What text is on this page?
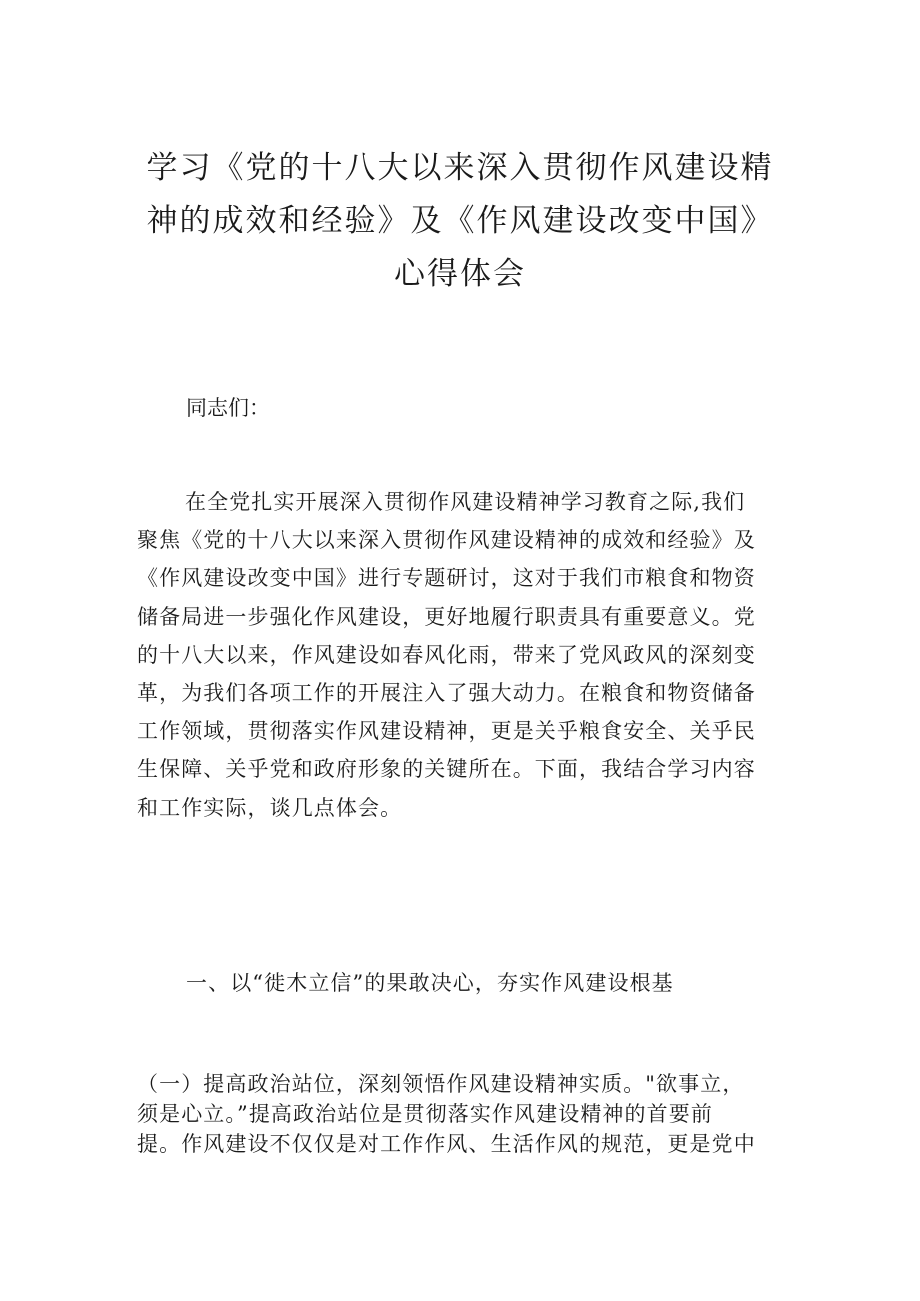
学习《党的十八大以来深入贯彻作风建设精
神的成效和经验》及《作风建设改变中国》
心得体会

同志们：

在全党扎实开展深入贯彻作风建设精神学习教育之际,我们
聚焦《党的十八大以来深入贯彻作风建设精神的成效和经验》及
《作风建设改变中国》进行专题研讨，这对于我们市粮食和物资
储备局进一步强化作风建设，更好地履行职责具有重要意义。党
的十八大以来，作风建设如春风化雨，带来了党风政风的深刻变
革，为我们各项工作的开展注入了强大动力。在粮食和物资储备
工作领域，贯彻落实作风建设精神，更是关乎粮食安全、关乎民
生保障、关乎党和政府形象的关键所在。下面，我结合学习内容
和工作实际，谈几点体会。

一、以“徙木立信”的果敢决心，夯实作风建设根基

（一）提高政治站位，深刻领悟作风建设精神实质。"欲事立，
须是心立。”提高政治站位是贯彻落实作风建设精神的首要前
提。作风建设不仅仅是对工作作风、生活作风的规范，更是党中
